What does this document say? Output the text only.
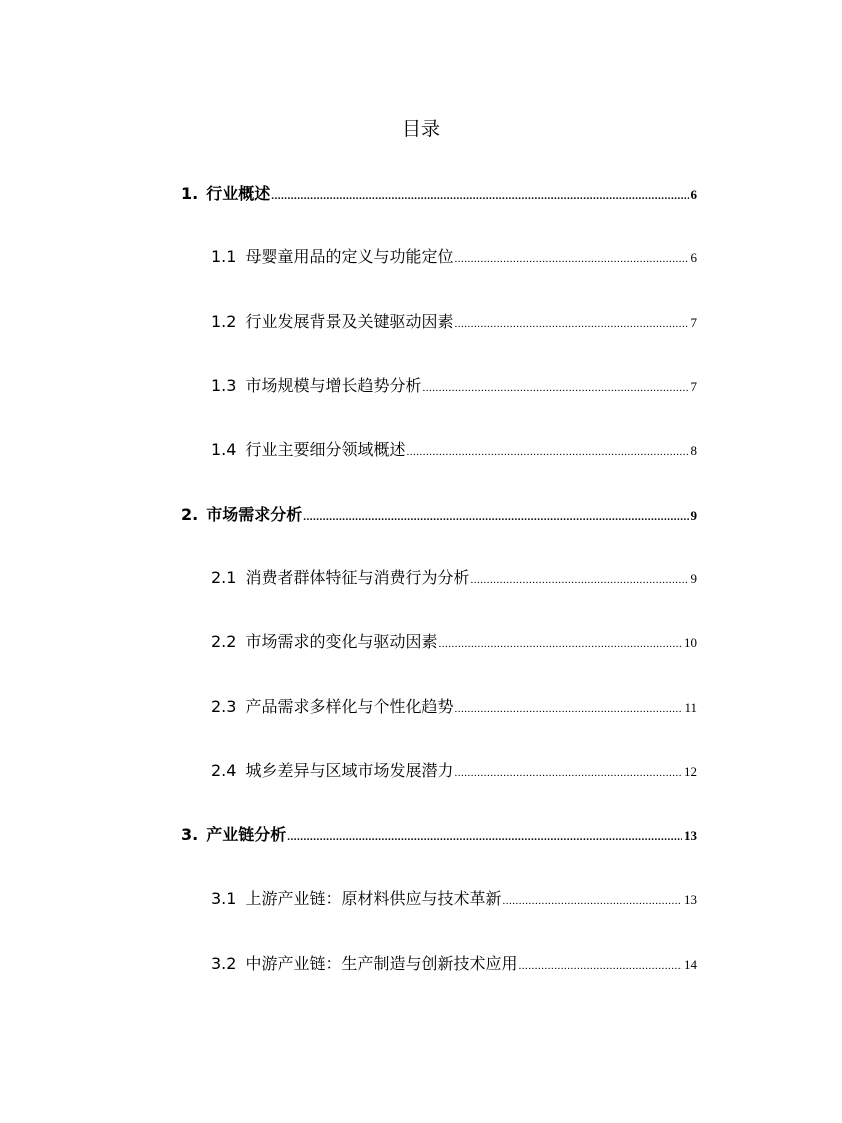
目录
1. 行业概述 .....	6
1.1 母婴童用品的定义与功能定位 .....	6
1.2 行业发展背景及关键驱动因素 .....	7
1.3 市场规模与增长趋势分析 .....	7
1.4 行业主要细分领域概述 .....	8
2. 市场需求分析 .....	9
2.1 消费者群体特征与消费行为分析 .....	9
2.2 市场需求的变化与驱动因素 .....	10
2.3 产品需求多样化与个性化趋势 .....	11
2.4 城乡差异与区域市场发展潜力 .....	12
3. 产业链分析 .....	13
3.1 上游产业链：原材料供应与技术革新 .....	13
3.2 中游产业链：生产制造与创新技术应用 .....	14
